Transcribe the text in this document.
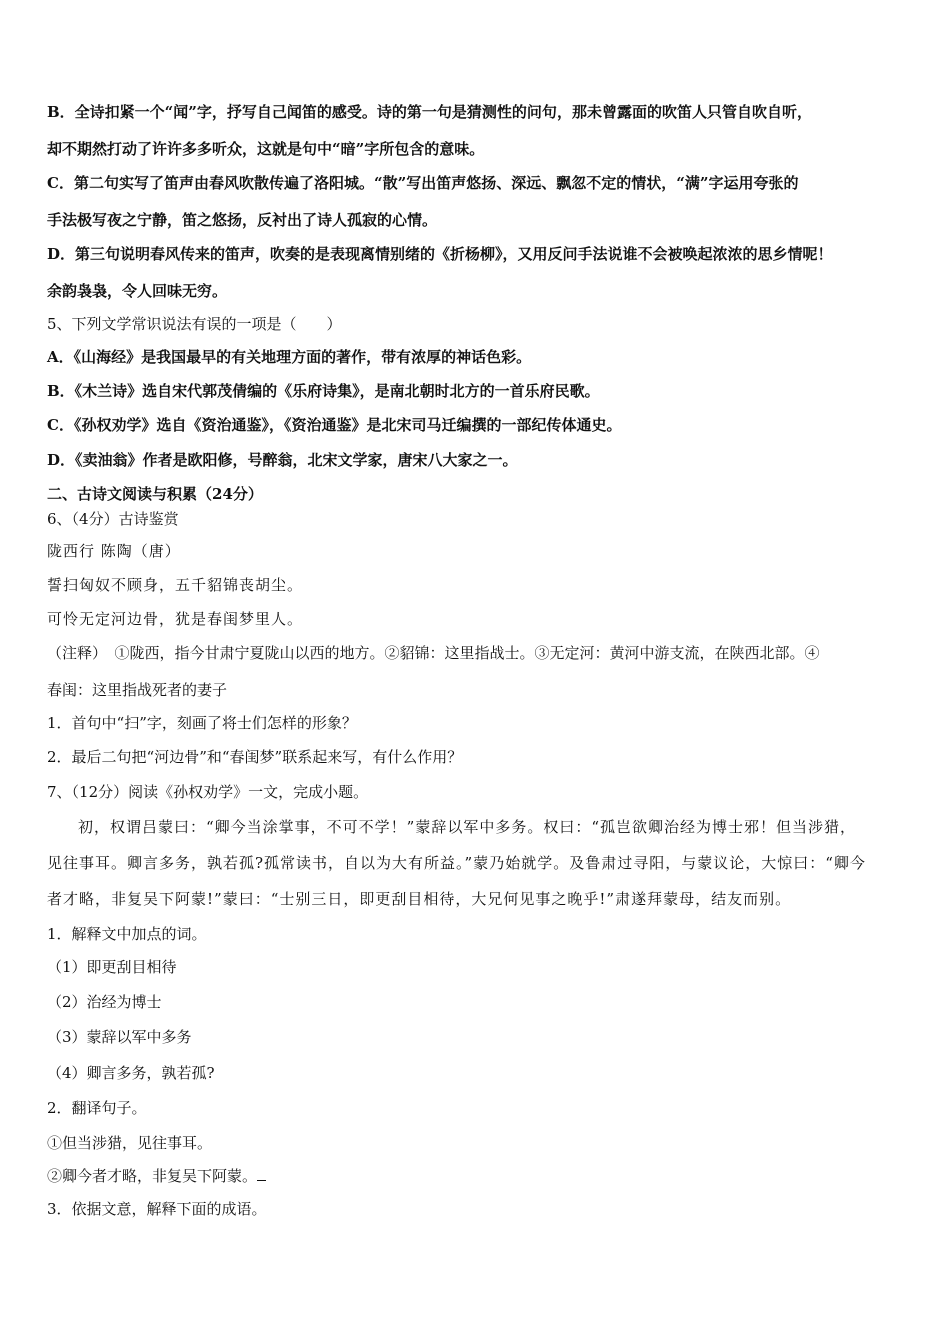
B．全诗扣紧一个“闻”字，抒写自己闻笛的感受。诗的第一句是猜测性的问句，那未曾露面的吹笛人只管自吹自听，
却不期然打动了许许多多听众，这就是句中“暗”字所包含的意味。
C．第二句实写了笛声由春风吹散传遍了洛阳城。“散”写出笛声悠扬、深远、飘忽不定的情状，“满”字运用夸张的
手法极写夜之宁静，笛之悠扬，反衬出了诗人孤寂的心情。
D．第三句说明春风传来的笛声，吹奏的是表现离情别绪的《折杨柳》，又用反问手法说谁不会被唤起浓浓的思乡情呢！
余韵袅袅，令人回味无穷。
5、下列文学常识说法有误的一项是（　　）
A．《山海经》是我国最早的有关地理方面的著作，带有浓厚的神话色彩。
B．《木兰诗》选自宋代郭茂倩编的《乐府诗集》，是南北朝时北方的一首乐府民歌。
C．《孙权劝学》选自《资治通鉴》，《资治通鉴》是北宋司马迁编撰的一部纪传体通史。
D．《卖油翁》作者是欧阳修，号醉翁，北宋文学家，唐宋八大家之一。
二、古诗文阅读与积累（24分）
6、（4分）古诗鉴赏
陇西行 陈陶（唐）
誓扫匈奴不顾身，五千貂锦丧胡尘。
可怜无定河边骨，犹是春闺梦里人。
（注释）　①陇西，指今甘肃宁夏陇山以西的地方。②貂锦：这里指战士。③无定河：黄河中游支流，在陕西北部。④
春闺：这里指战死者的妻子
1．首句中“扫”字，刻画了将士们怎样的形象？
2．最后二句把“河边骨”和“春闺梦”联系起来写，有什么作用？
7、（12分）阅读《孙权劝学》一文，完成小题。
初，权谓吕蒙曰：“卿今当涂掌事，不可不学！”蒙辞以军中多务。权曰：“孤岂欲卿治经为博士邪！但当涉猎，
见往事耳。卿言多务，孰若孤?孤常读书，自以为大有所益。”蒙乃始就学。及鲁肃过寻阳，与蒙议论，大惊曰：“卿今
者才略，非复吴下阿蒙!”蒙曰：“士别三日，即更刮目相待，大兄何见事之晚乎!”肃遂拜蒙母，结友而别。
1．解释文中加点的词。
（1）即更刮目相待
（2）治经为博士
（3）蒙辞以军中多务
（4）卿言多务，孰若孤?
2．翻译句子。
①但当涉猎，见往事耳。
②卿今者才略，非复吴下阿蒙。
3．依据文意，解释下面的成语。
